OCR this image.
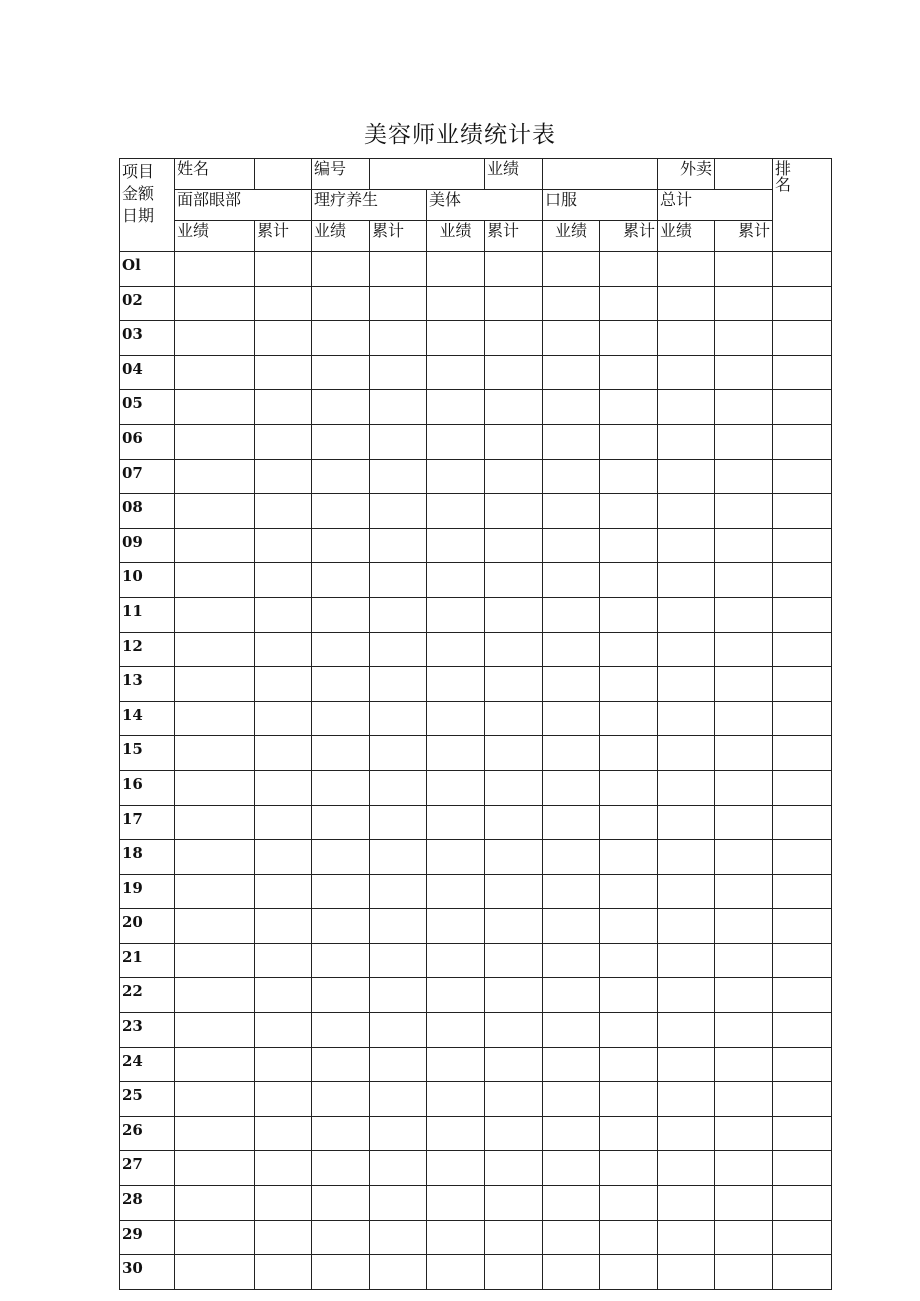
美容师业绩统计表
项目
金额
日期	姓名		编号			业绩			外卖		排
名
	面部眼部		理疗养生		美体		口服		总计		
	业绩	累计	业绩	累计	业绩	累计	业绩	累计	业绩	累计	
Ol											
02											
03											
04											
05											
06											
07											
08											
09											
10											
11											
12											
13											
14											
15											
16											
17											
18											
19											
20											
21											
22											
23											
24											
25											
26											
27											
28											
29											
30											
